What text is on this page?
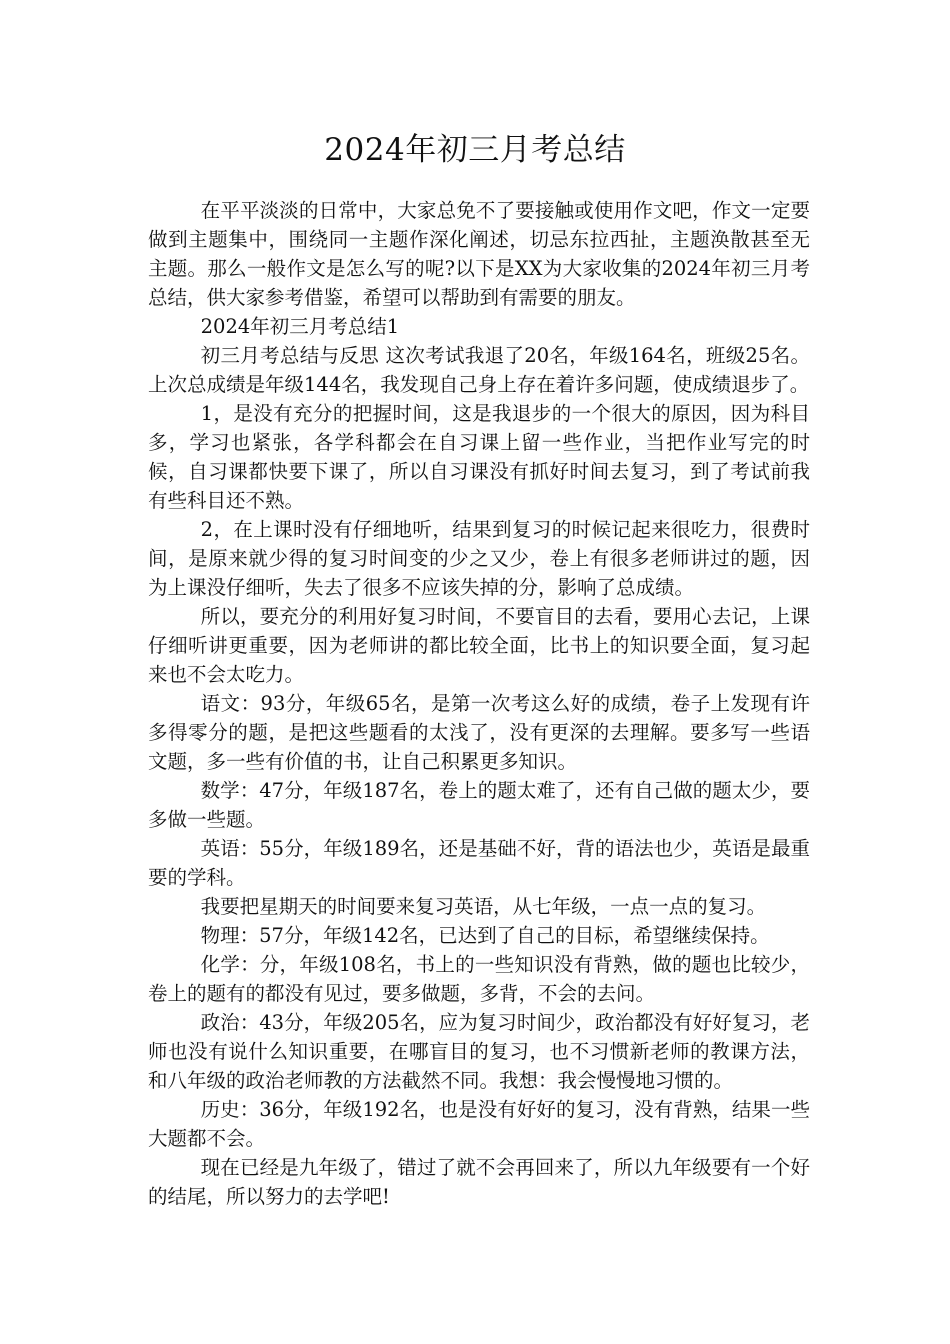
2024年初三月考总结

在平平淡淡的日常中，大家总免不了要接触或使用作文吧，作文一定要做到主题集中，围绕同一主题作深化阐述，切忌东拉西扯，主题涣散甚至无主题。那么一般作文是怎么写的呢?以下是XX为大家收集的2024年初三月考总结，供大家参考借鉴，希望可以帮助到有需要的朋友。

2024年初三月考总结1

初三月考总结与反思 这次考试我退了20名，年级164名，班级25名。上次总成绩是年级144名，我发现自己身上存在着许多问题，使成绩退步了。

1，是没有充分的把握时间，这是我退步的一个很大的原因，因为科目多，学习也紧张，各学科都会在自习课上留一些作业，当把作业写完的时候，自习课都快要下课了，所以自习课没有抓好时间去复习，到了考试前我有些科目还不熟。

2，在上课时没有仔细地听，结果到复习的时候记起来很吃力，很费时间，是原来就少得的复习时间变的少之又少，卷上有很多老师讲过的题，因为上课没仔细听，失去了很多不应该失掉的分，影响了总成绩。

所以，要充分的利用好复习时间，不要盲目的去看，要用心去记，上课仔细听讲更重要，因为老师讲的都比较全面，比书上的知识要全面，复习起来也不会太吃力。

语文：93分，年级65名，是第一次考这么好的成绩，卷子上发现有许多得零分的题，是把这些题看的太浅了，没有更深的去理解。要多写一些语文题，多一些有价值的书，让自己积累更多知识。

数学：47分，年级187名，卷上的题太难了，还有自己做的题太少，要多做一些题。

英语：55分，年级189名，还是基础不好，背的语法也少，英语是最重要的学科。

我要把星期天的时间要来复习英语，从七年级，一点一点的复习。

物理：57分，年级142名，已达到了自己的目标，希望继续保持。

化学：分，年级108名，书上的一些知识没有背熟，做的题也比较少，卷上的题有的都没有见过，要多做题，多背，不会的去问。

政治：43分，年级205名，应为复习时间少，政治都没有好好复习，老师也没有说什么知识重要，在哪盲目的复习，也不习惯新老师的教课方法，和八年级的政治老师教的方法截然不同。我想：我会慢慢地习惯的。

历史：36分，年级192名，也是没有好好的复习，没有背熟，结果一些大题都不会。

现在已经是九年级了，错过了就不会再回来了，所以九年级要有一个好的结尾，所以努力的去学吧!
